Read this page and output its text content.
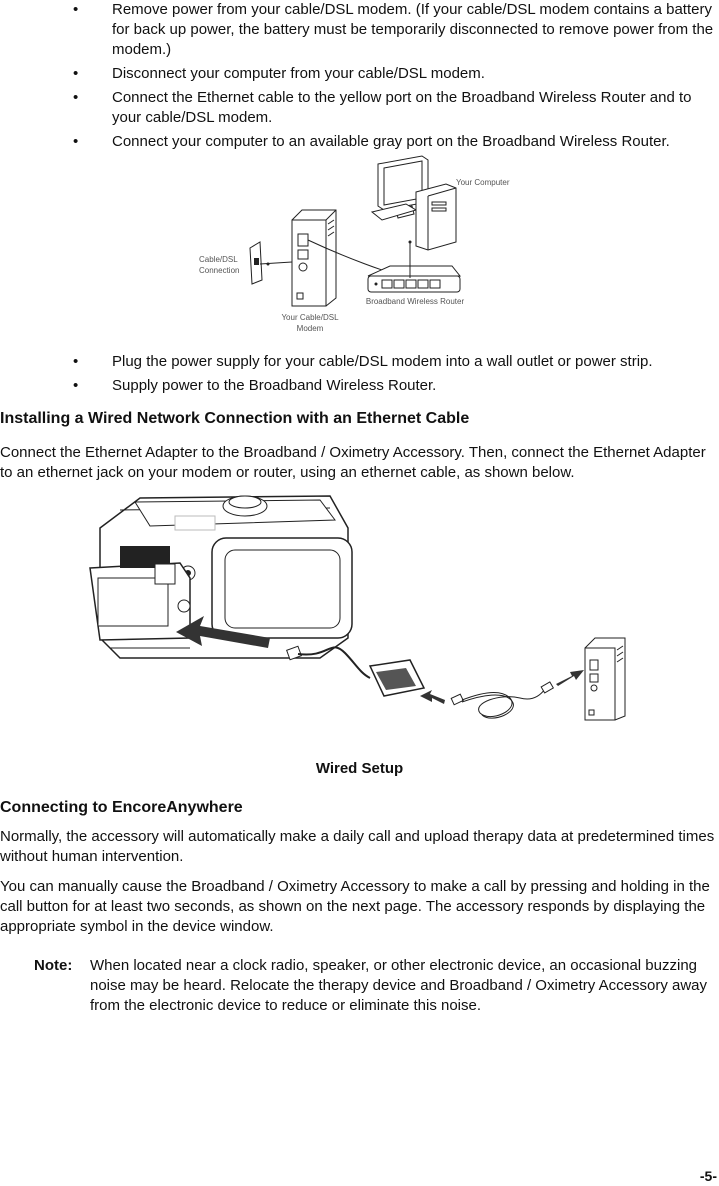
• Remove power from your cable/DSL modem. (If your cable/DSL modem contains a battery for back up power, the battery must be temporarily disconnected to remove power from the modem.)
• Disconnect your computer from your cable/DSL modem.
• Connect the Ethernet cable to the yellow port on the Broadband Wireless Router and to your cable/DSL modem.
• Connect your computer to an available gray port on the Broadband Wireless Router.
Your Computer
Cable/DSL
Connection
Your Cable/DSL
Modem
Broadband Wireless Router
• Plug the power supply for your cable/DSL modem into a wall outlet or power strip.
• Supply power to the Broadband Wireless Router.
Installing a Wired Network Connection with an Ethernet Cable
Connect the Ethernet Adapter to the Broadband / Oximetry Accessory. Then, connect the Ethernet Adapter to an ethernet jack on your modem or router, using an ethernet cable, as shown below.
Wired Setup
Connecting to EncoreAnywhere
Normally, the accessory will automatically make a daily call and upload therapy data at predetermined times without human intervention.
You can manually cause the Broadband / Oximetry Accessory to make a call by pressing and holding in the call button for at least two seconds, as shown on the next page. The accessory responds by displaying the appropriate symbol in the device window.
Note: When located near a clock radio, speaker, or other electronic device, an occasional buzzing noise may be heard. Relocate the therapy device and Broadband / Oximetry Accessory away from the electronic device to reduce or eliminate this noise.
-5-
